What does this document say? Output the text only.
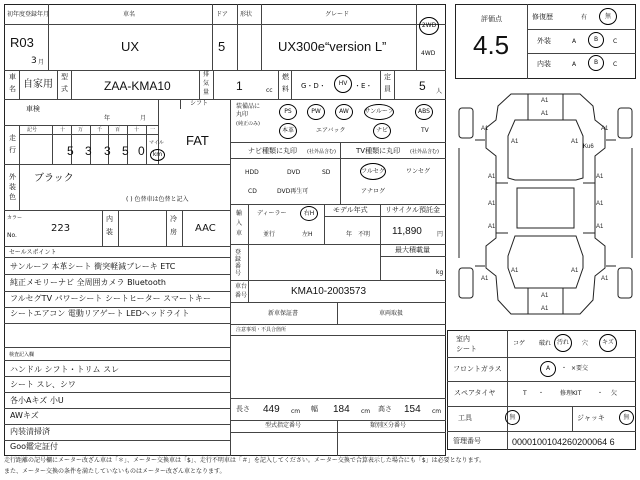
初年度登録年月
R03
3 月
車名
UX
ドア
5
形状	グレード
UX300e“version L”
2WD
4WD
車
名 自家用
型
式	ZAA-KMA10
排
気
量 1	cc
燃
料 G・D・	HV ・E・
定
員 5 人
車検
年	月
シフト
FAT
走
行
記号	十	万	千	百	十 一
5 3 3 5 0
マイル
km
外
装
色
ブラック
( ) 色替車は色替と記入
カラー
No.
223
内
装
冷
房 AAC
セールスポイント
サンルーフ 本革シート 衝突軽減ブレーキ ETC
純正メモリーナビ 全周囲カメラ Bluetooth
フルセグTV パワーシート シートヒーター スマートキー
シートエアコン 電動リアゲート LEDヘッドライト
検査記入欄
ハンドル シフト・トリム スレ
シート スレ、シワ
各小Aキズ 小U
AWキズ
内装清掃済
Goo鑑定証付
装備品に
丸印
(純正のみ)
PS	PW	AW	サンルーフ	ABS
本革	エアバック	ナビ	TV
ナビ種類に丸印 (社外品含む)	TV種類に丸印 (社外品含む)
HDD	DVD	SD
CD	DVD再生可
フルセグ	ワンセグ
アナログ
輸
入
車
ディーラー	右H
並行	左H
モデル年式
年　不明
リサイクル預託金
11,890	円
登録番号
最大積載量
kg
車台
番号	KMA10-2003573
新車保証書	車両取扱
注意事項・不具合箇所
長さ 449 cm 幅 184 cm 高さ 154 cm
型式指定番号	類別区分番号
評価点
4.5
修復歴	有	無
外装	A	B	C
内装	A	B	C
A1
A1
A1	A1
A1	A1
A1	A1
A1	A1
A1	A1
A1	A1
A1
A1
A1	A1
Ku6
室内
シート
コゲ 破れ 汚れ	穴	キズ
フロントガラス	A	・ ×要交
スペアタイヤ	T ・	修理KIT	・ 欠
工具	無	ジャッキ	無
管理番号	0000100104260200064 6
走行距離の記号欄にメーター改ざん車は「＊」、メーター交換車は「$」、走行不明車は「＃」を記入してください。メーター交換で合算表示した場合にも「$」は必要となります。
また、メーター交換の条件を満たしていないものはメーター改ざん車となります。
